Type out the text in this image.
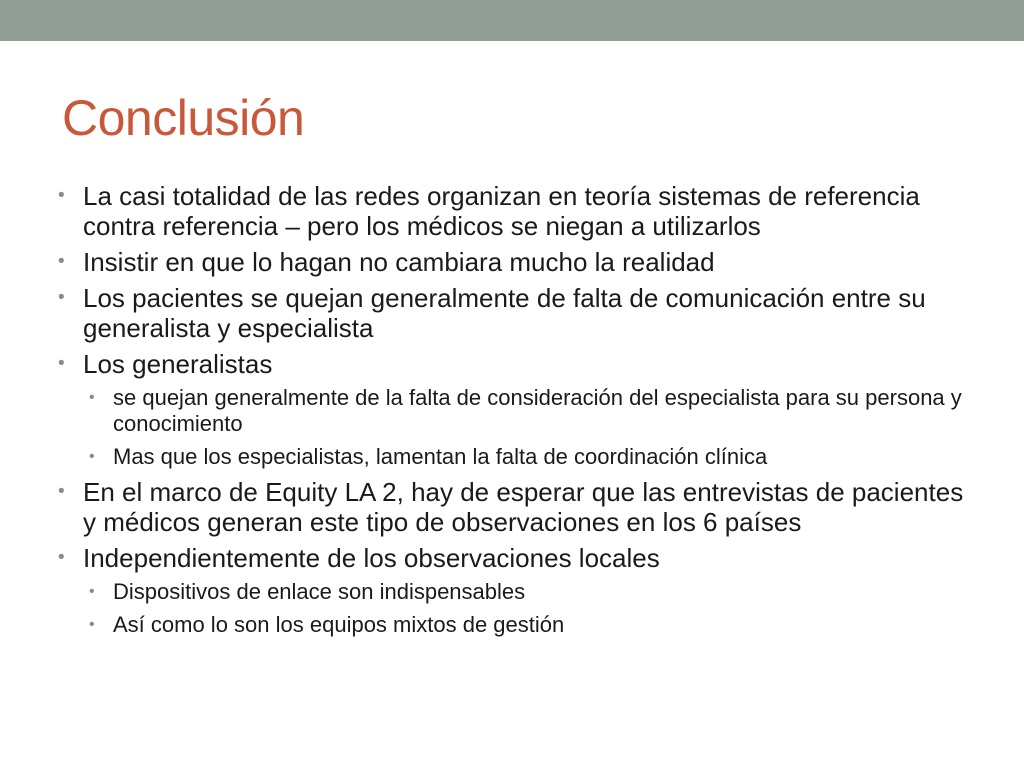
Conclusión
• La casi totalidad de las redes organizan en teoría sistemas de referencia contra referencia – pero los médicos se niegan a utilizarlos
• Insistir en que lo hagan no cambiara mucho la realidad
• Los pacientes se quejan generalmente de falta de comunicación entre su generalista y especialista
• Los generalistas
• se quejan generalmente de la falta de consideración del especialista para su persona y conocimiento
• Mas que los especialistas, lamentan la falta de coordinación clínica
• En el marco de Equity LA 2, hay de esperar que las entrevistas de pacientes y médicos generan este tipo de observaciones en los 6 países
• Independientemente de los observaciones locales
• Dispositivos de enlace son indispensables
• Así como lo son los equipos mixtos de gestión
